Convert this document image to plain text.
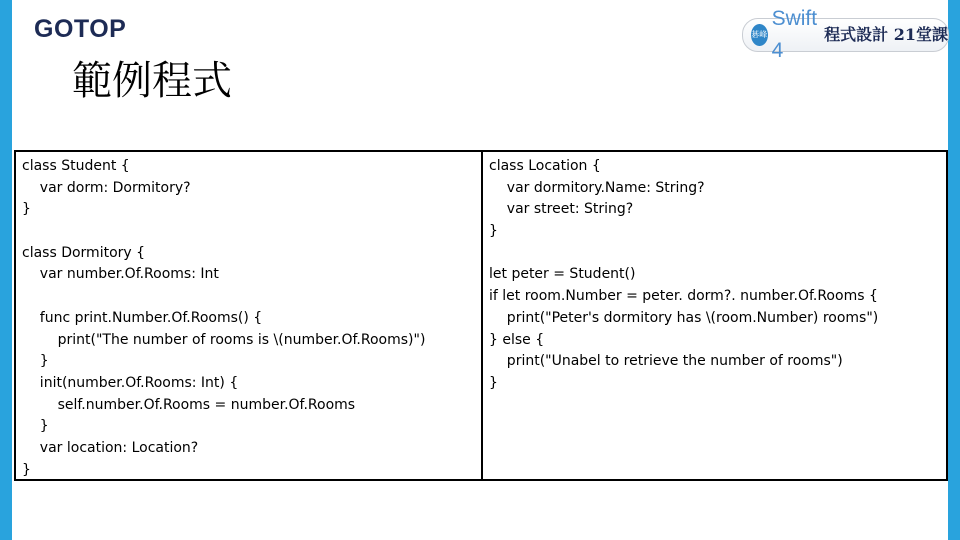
GOTOP	碁峰
Swift 4
程式設計 21堂課
範例程式
class Student {
var dorm: Dormitory?
}
class Dormitory {
var number.Of.Rooms: Int
func print.Number.Of.Rooms() {
print("The number of rooms is \(number.Of.Rooms)")
}
init(number.Of.Rooms: Int) {
self.number.Of.Rooms = number.Of.Rooms
}
var location: Location?
}
class Location {
var dormitory.Name: String?
var street: String?
}
let peter = Student()
if let room.Number = peter. dorm?. number.Of.Rooms {
print("Peter's dormitory has \(room.Number) rooms")
} else {
print("Unabel to retrieve the number of rooms")
}
